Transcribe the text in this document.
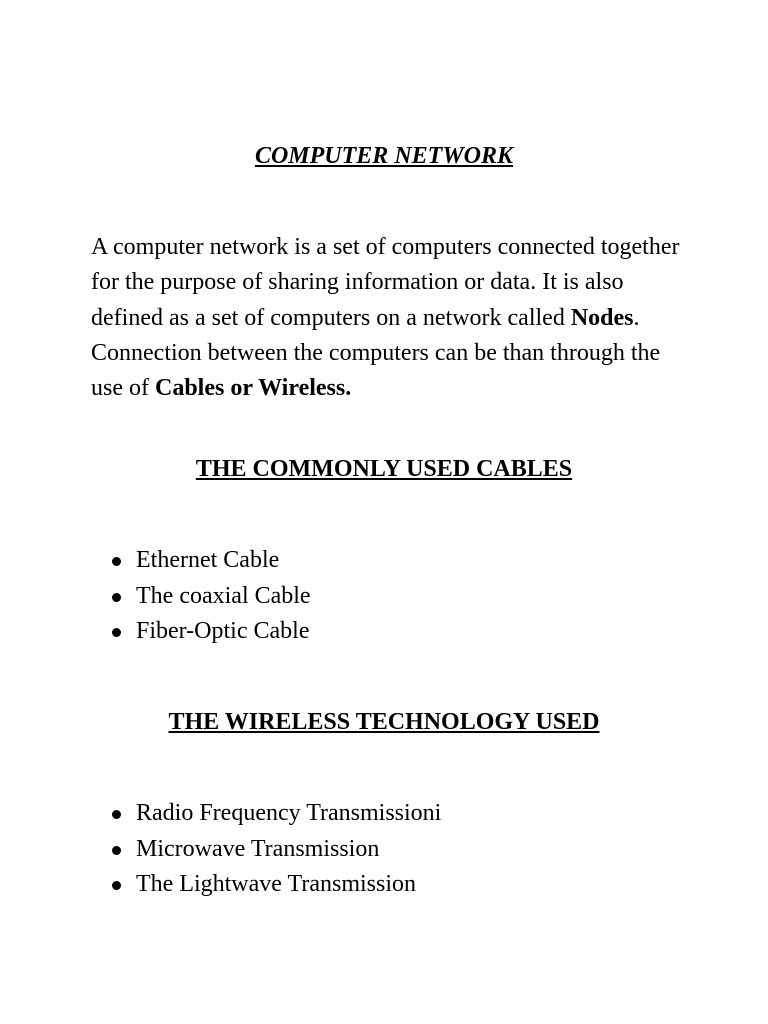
COMPUTER NETWORK

A computer network is a set of computers connected together for the purpose of sharing information or data. It is also defined as a set of computers on a network called Nodes. Connection between the computers can be than through the use of Cables or Wireless.

THE COMMONLY USED CABLES
Ethernet Cable
The coaxial Cable
Fiber-Optic Cable
THE WIRELESS TECHNOLOGY USED
Radio Frequency Transmissioni
Microwave Transmission
The Lightwave Transmission
